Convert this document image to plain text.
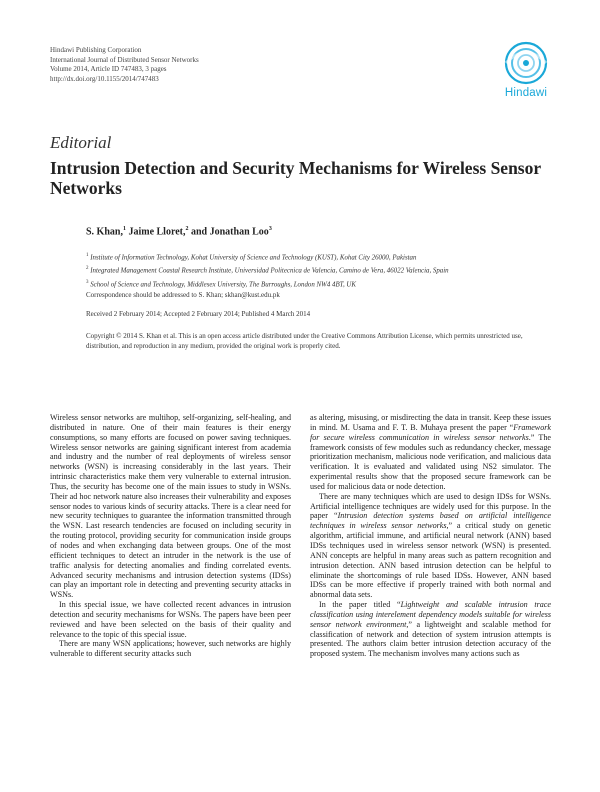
Hindawi Publishing Corporation
International Journal of Distributed Sensor Networks
Volume 2014, Article ID 747483, 3 pages
http://dx.doi.org/10.1155/2014/747483
Hindawi
Editorial
Intrusion Detection and Security Mechanisms for Wireless Sensor Networks
S. Khan,$^1$ Jaime Lloret,$^2$ and Jonathan Loo$^3$
$^1$ Institute of Information Technology, Kohat University of Science and Technology (KUST), Kohat City 26000, Pakistan
$^2$ Integrated Management Coastal Research Institute, Universidad Politecnica de Valencia, Camino de Vera, 46022 Valencia, Spain
$^3$ School of Science and Technology, Middlesex University, The Burroughs, London NW4 4BT, UK
Correspondence should be addressed to S. Khan; skhan@kust.edu.pk
Received 2 February 2014; Accepted 2 February 2014; Published 4 March 2014
Copyright © 2014 S. Khan et al. This is an open access article distributed under the Creative Commons Attribution License, which permits unrestricted use, distribution, and reproduction in any medium, provided the original work is properly cited.

Wireless sensor networks are multihop, self-organizing, self-healing, and distributed in nature. One of their main features is their energy consumptions, so many efforts are focused on power saving techniques. Wireless sensor networks are gaining significant interest from academia and industry and the number of real deployments of wireless sensor networks (WSN) is increasing considerably in the last years. Their intrinsic characteristics make them very vulnerable to external intrusion. Thus, the security has become one of the main issues to study in WSNs. Their ad hoc network nature also increases their vulnerability and exposes sensor nodes to various kinds of security attacks. There is a clear need for new security techniques to guarantee the information transmitted through the WSN. Last research tendencies are focused on including security in the routing protocol, providing security for communication inside groups of nodes and when exchanging data between groups. One of the most efficient techniques to detect an intruder in the network is the use of traffic analysis for detecting anomalies and finding correlated events. Advanced security mechanisms and intrusion detection systems (IDSs) can play an important role in detecting and preventing security attacks in WSNs.

In this special issue, we have collected recent advances in intrusion detection and security mechanisms for WSNs. The papers have been peer reviewed and have been selected on the basis of their quality and relevance to the topic of this special issue.

There are many WSN applications; however, such networks are highly vulnerable to different security attacks such

as altering, misusing, or misdirecting the data in transit. Keep these issues in mind. M. Usama and F. T. B. Muhaya present the paper “Framework for secure wireless communication in wireless sensor networks.” The framework consists of few modules such as redundancy checker, message prioritization mechanism, malicious node verification, and malicious data verification. It is evaluated and validated using NS2 simulator. The experimental results show that the proposed secure framework can be used for malicious data or node detection.

There are many techniques which are used to design IDSs for WSNs. Artificial intelligence techniques are widely used for this purpose. In the paper “Intrusion detection systems based on artificial intelligence techniques in wireless sensor networks,” a critical study on genetic algorithm, artificial immune, and artificial neural network (ANN) based IDSs techniques used in wireless sensor network (WSN) is presented. ANN concepts are helpful in many areas such as pattern recognition and intrusion detection. ANN based intrusion detection can be helpful to eliminate the shortcomings of rule based IDSs. However, ANN based IDSs can be more effective if properly trained with both normal and abnormal data sets.

In the paper titled “Lightweight and scalable intrusion trace classification using interelement dependency models suitable for wireless sensor network environment,” a lightweight and scalable method for classification of network and detection of system intrusion attempts is presented. The authors claim better intrusion detection accuracy of the proposed system. The mechanism involves many actions such as
